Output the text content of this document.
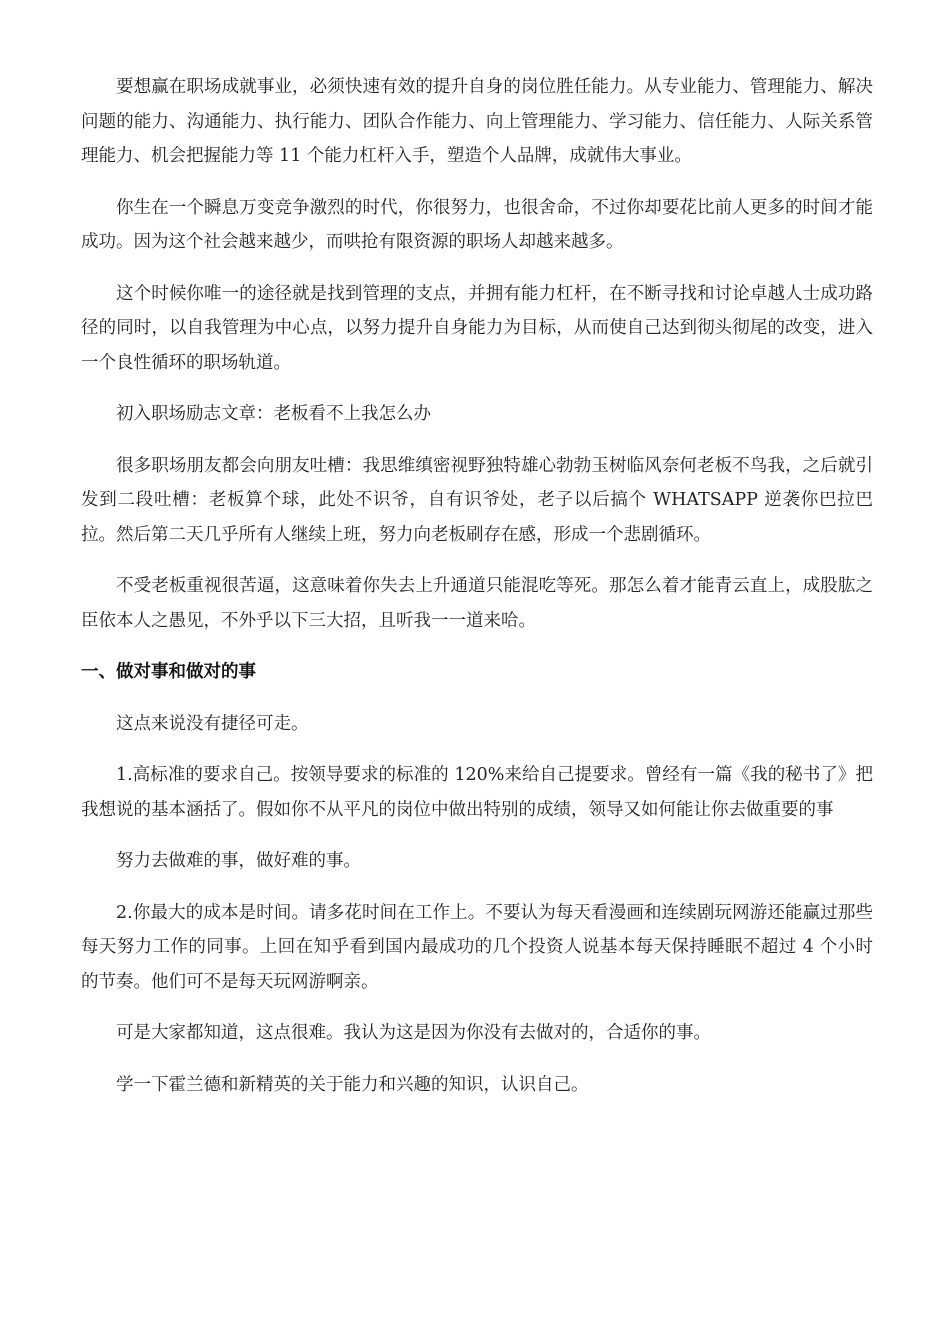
要想赢在职场成就事业，必须快速有效的提升自身的岗位胜任能力。从专业能力、管理能力、解决问题的能力、沟通能力、执行能力、团队合作能力、向上管理能力、学习能力、信任能力、人际关系管理能力、机会把握能力等 11 个能力杠杆入手，塑造个人品牌，成就伟大事业。

你生在一个瞬息万变竞争激烈的时代，你很努力，也很舍命，不过你却要花比前人更多的时间才能成功。因为这个社会越来越少，而哄抢有限资源的职场人却越来越多。

这个时候你唯一的途径就是找到管理的支点，并拥有能力杠杆，在不断寻找和讨论卓越人士成功路径的同时，以自我管理为中心点，以努力提升自身能力为目标，从而使自己达到彻头彻尾的改变，进入一个良性循环的职场轨道。

初入职场励志文章：老板看不上我怎么办

很多职场朋友都会向朋友吐槽：我思维缜密视野独特雄心勃勃玉树临风奈何老板不鸟我，之后就引发到二段吐槽：老板算个球，此处不识爷，自有识爷处，老子以后搞个 WHATSAPP 逆袭你巴拉巴拉。然后第二天几乎所有人继续上班，努力向老板刷存在感，形成一个悲剧循环。

不受老板重视很苦逼，这意味着你失去上升通道只能混吃等死。那怎么着才能青云直上，成股肱之臣依本人之愚见，不外乎以下三大招，且听我一一道来哈。

一、做对事和做对的事

这点来说没有捷径可走。

1.高标准的要求自己。按领导要求的标准的 120%来给自己提要求。曾经有一篇《我的秘书了》把我想说的基本涵括了。假如你不从平凡的岗位中做出特别的成绩，领导又如何能让你去做重要的事

努力去做难的事，做好难的事。

2.你最大的成本是时间。请多花时间在工作上。不要认为每天看漫画和连续剧玩网游还能赢过那些每天努力工作的同事。上回在知乎看到国内最成功的几个投资人说基本每天保持睡眠不超过 4 个小时的节奏。他们可不是每天玩网游啊亲。

可是大家都知道，这点很难。我认为这是因为你没有去做对的，合适你的事。

学一下霍兰德和新精英的关于能力和兴趣的知识，认识自己。
